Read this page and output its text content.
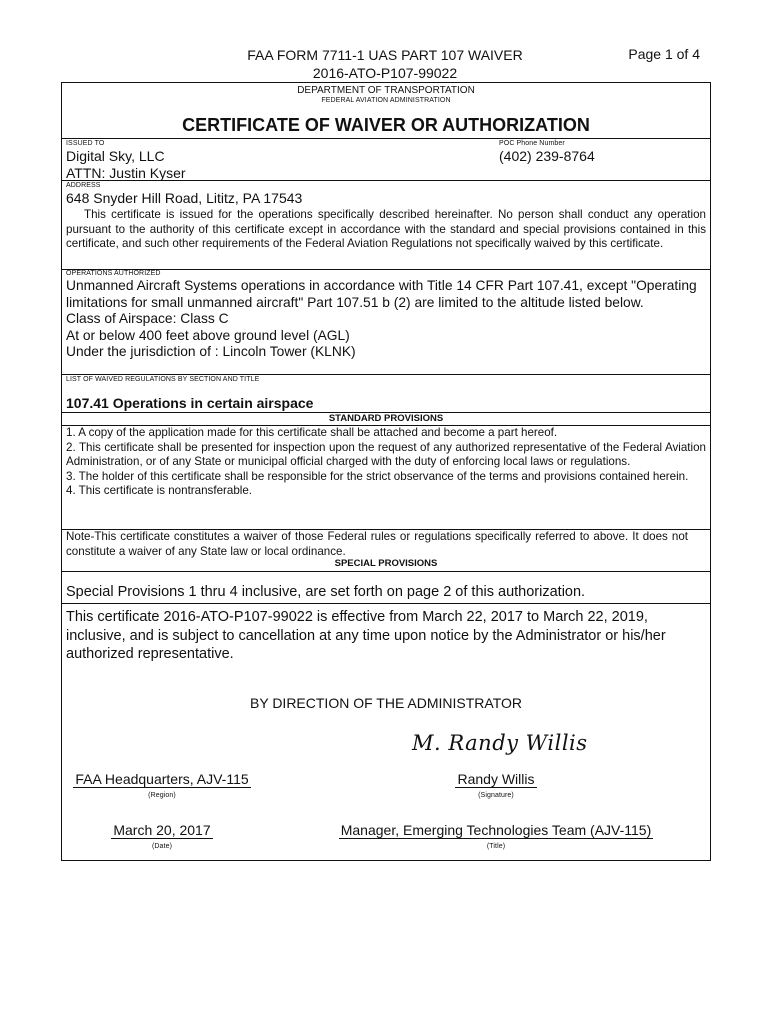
FAA FORM 7711-1 UAS PART 107 WAIVER
2016-ATO-P107-99022
Page 1 of 4
DEPARTMENT OF TRANSPORTATION
FEDERAL AVIATION ADMINISTRATION
CERTIFICATE OF WAIVER OR AUTHORIZATION
ISSUED TO	POC Phone Number
Digital Sky, LLC
ATTN: Justin Kyser
(402) 239-8764
ADDRESS
648 Snyder Hill Road, Lititz, PA 17543
This certificate is issued for the operations specifically described hereinafter. No person shall conduct any operation pursuant to the authority of this certificate except in accordance with the standard and special provisions contained in this certificate, and such other requirements of the Federal Aviation Regulations not specifically waived by this certificate.
OPERATIONS AUTHORIZED
Unmanned Aircraft Systems operations in accordance with Title 14 CFR Part 107.41, except "Operating limitations for small unmanned aircraft" Part 107.51 b (2) are limited to the altitude listed below.
Class of Airspace: Class C
At or below 400 feet above ground level (AGL)
Under the jurisdiction of : Lincoln Tower (KLNK)
LIST OF WAIVED REGULATIONS BY SECTION AND TITLE
107.41 Operations in certain airspace
STANDARD PROVISIONS
1. A copy of the application made for this certificate shall be attached and become a part hereof.
2. This certificate shall be presented for inspection upon the request of any authorized representative of the Federal Aviation Administration, or of any State or municipal official charged with the duty of enforcing local laws or regulations.
3. The holder of this certificate shall be responsible for the strict observance of the terms and provisions contained herein.
4. This certificate is nontransferable.
Note-This certificate constitutes a waiver of those Federal rules or regulations specifically referred to above. It does not constitute a waiver of any State law or local ordinance.
SPECIAL PROVISIONS
Special Provisions 1 thru 4 inclusive, are set forth on page 2 of this authorization.
This certificate 2016-ATO-P107-99022 is effective from March 22, 2017 to March 22, 2019, inclusive, and is subject to cancellation at any time upon notice by the Administrator or his/her authorized representative.
BY DIRECTION OF THE ADMINISTRATOR
M. Randy Willis
FAA Headquarters, AJV-115
(Region)
Randy Willis
(Signature)
March 20, 2017
(Date)
Manager, Emerging Technologies Team (AJV-115)
(Title)
